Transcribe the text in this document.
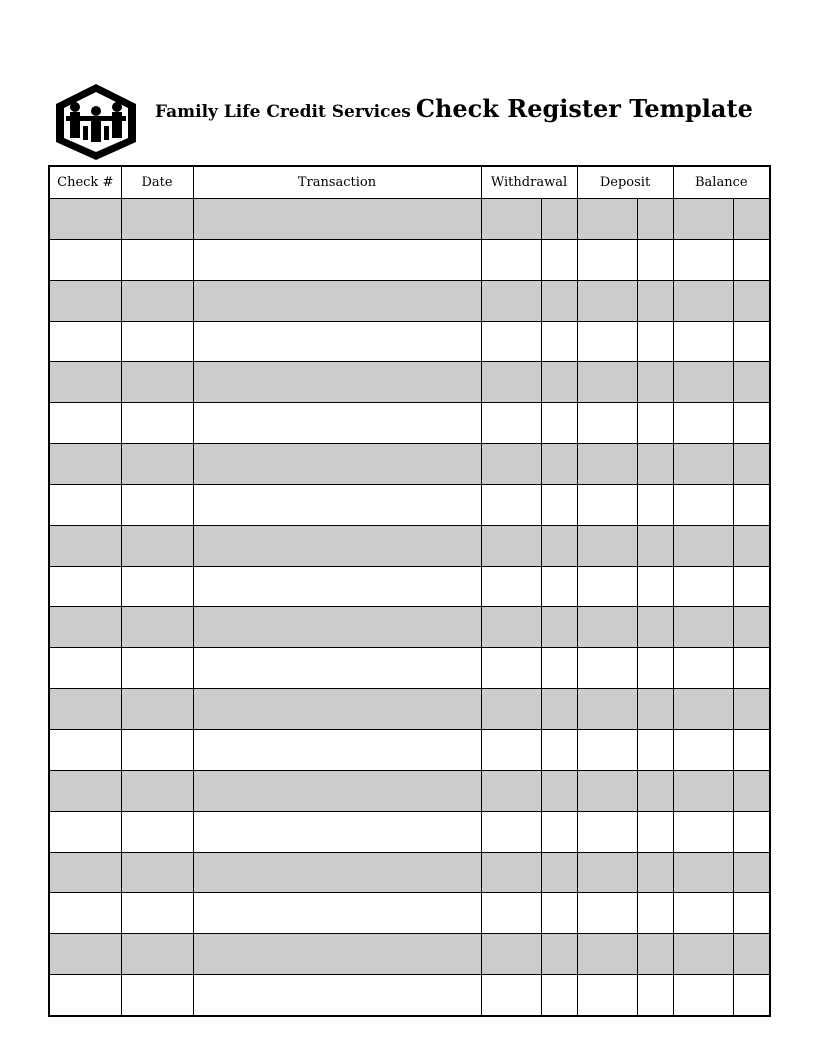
Family Life Credit Services Check Register Template
Check #	Date	Transaction	Withdrawal		Deposit		Balance	
